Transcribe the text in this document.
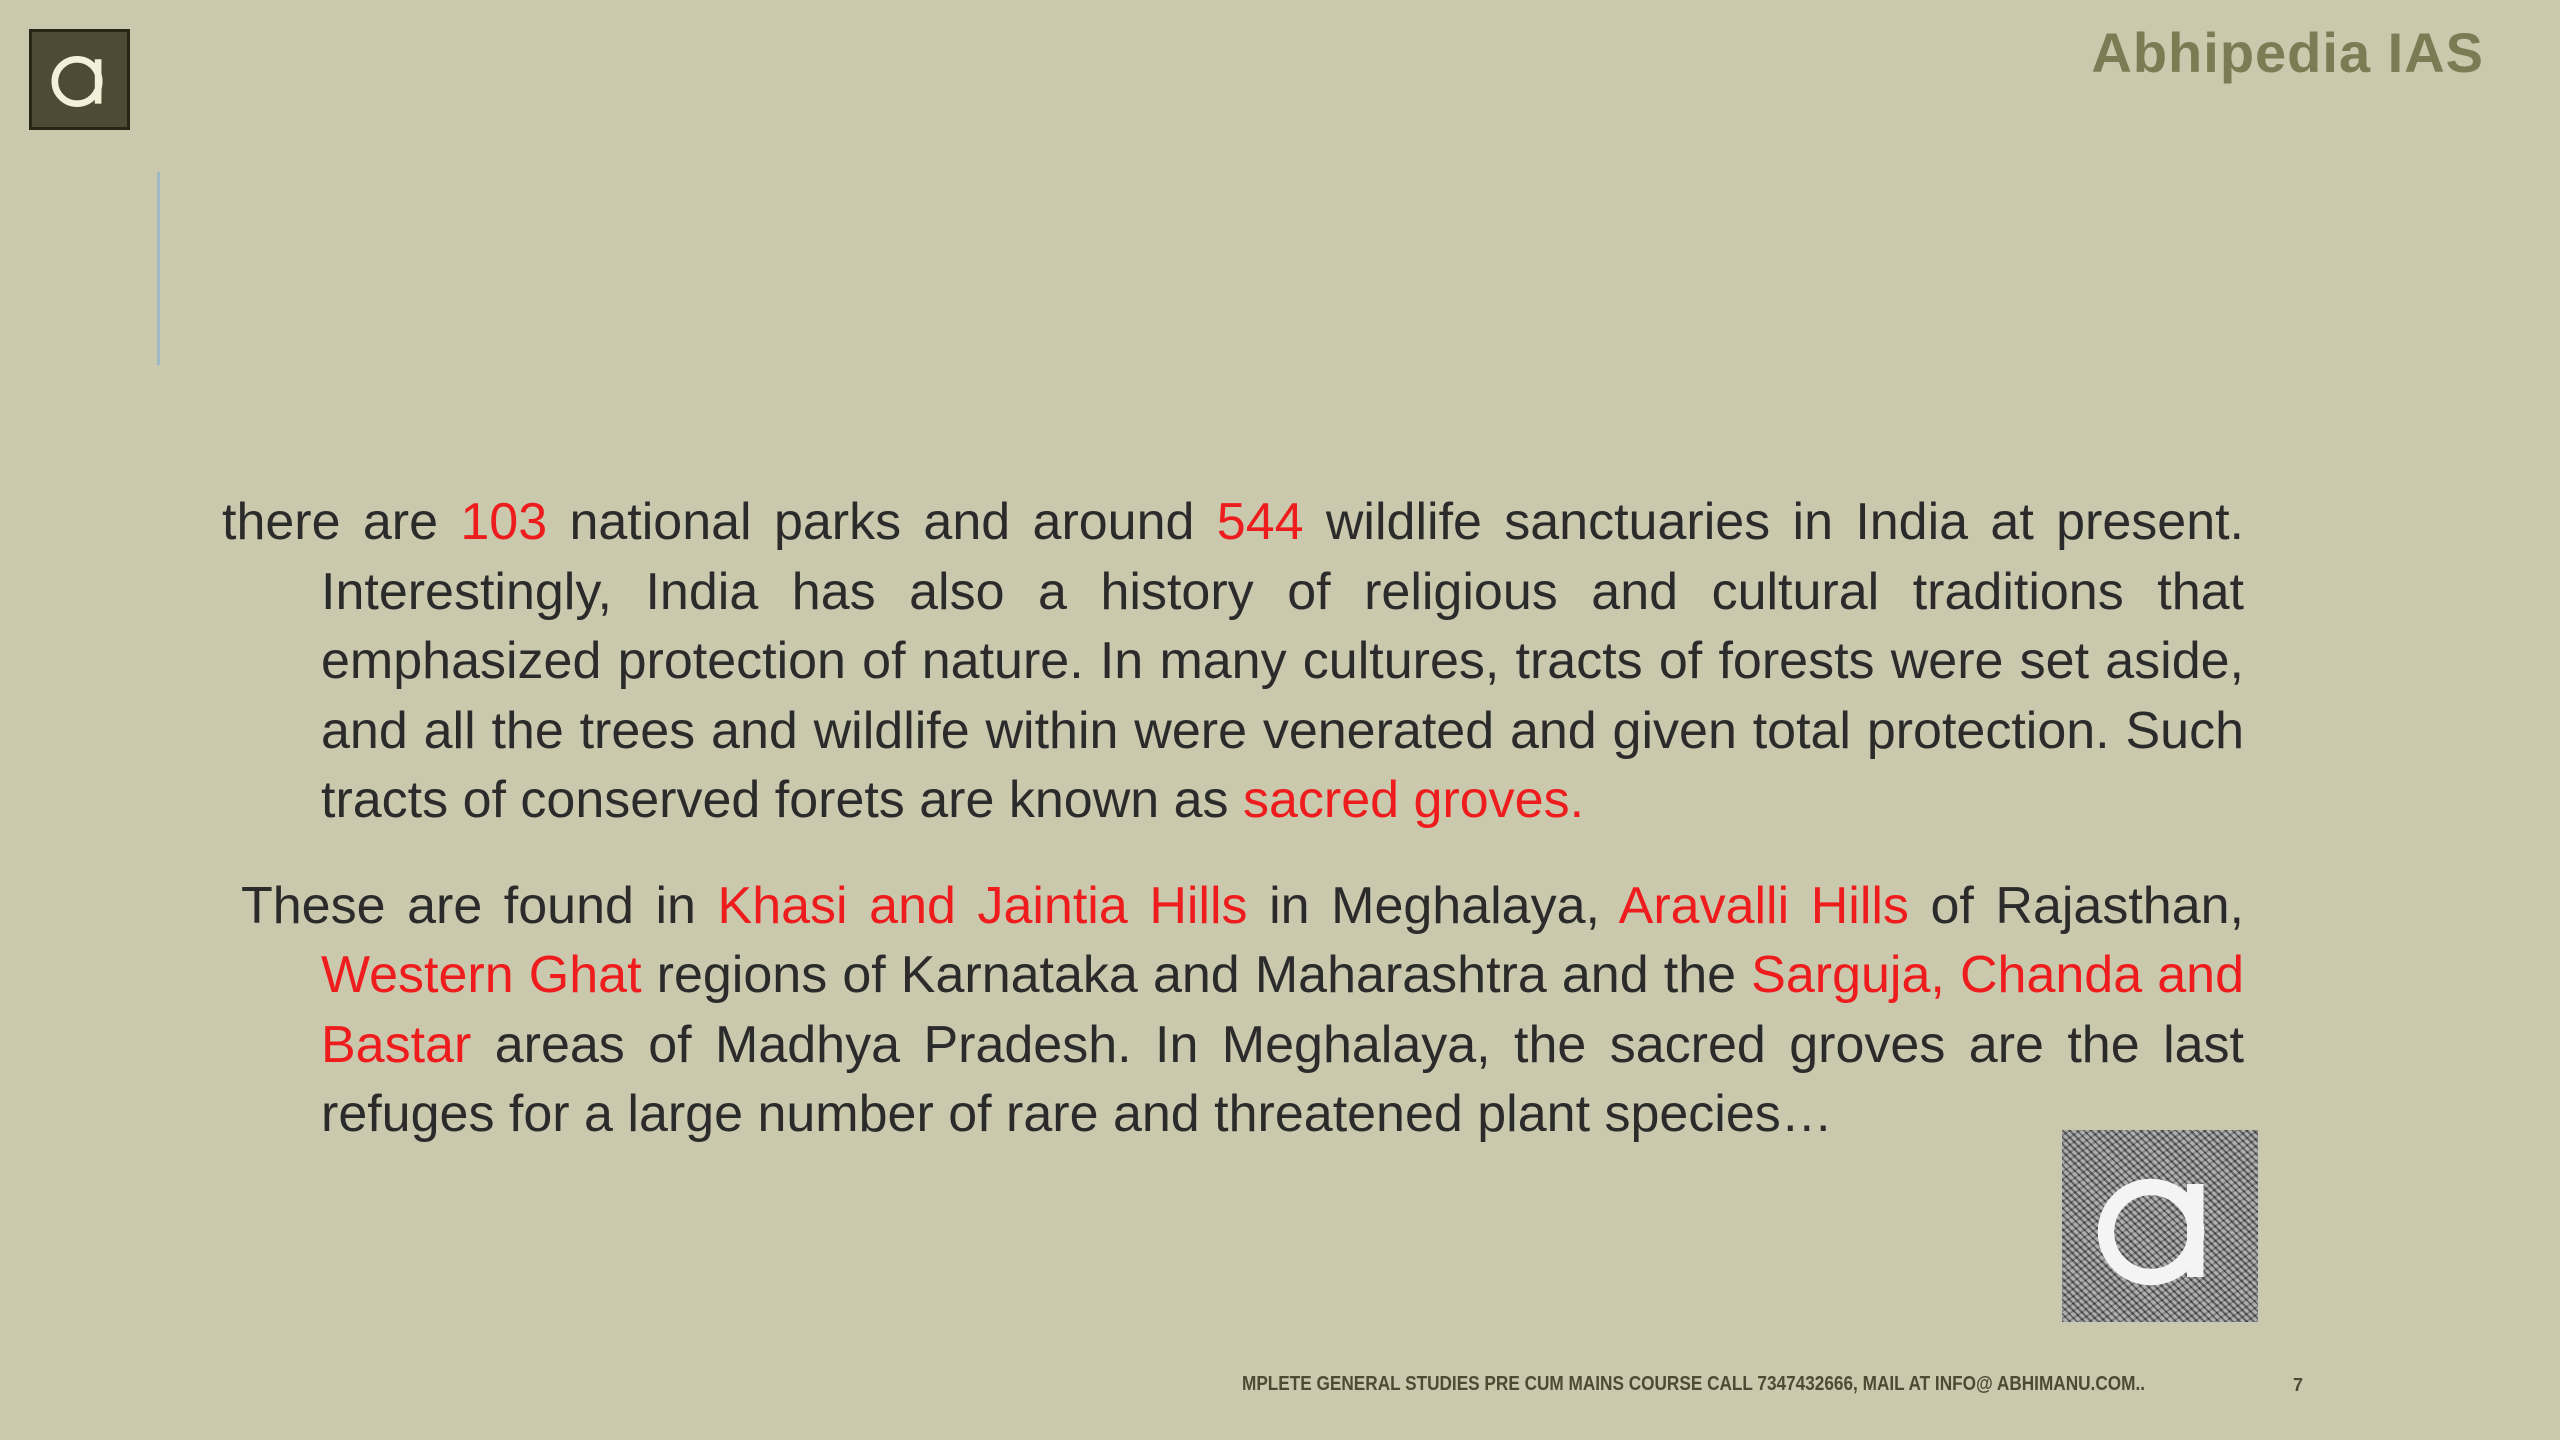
Abhipedia IAS

there are 103 national parks and around 544 wildlife sanctuaries in India at present. Interestingly, India has also a history of religious and cultural traditions that emphasized protection of nature. In many cultures, tracts of forests were set aside, and all the trees and wildlife within were venerated and given total protection. Such tracts of conserved forets are known as sacred groves.

These are found in Khasi and Jaintia Hills in Meghalaya, Aravalli Hills of Rajasthan, Western Ghat regions of Karnataka and Maharashtra and the Sarguja, Chanda and Bastar areas of Madhya Pradesh. In Meghalaya, the sacred groves are the last refuges for a large number of rare and threatened plant species…

MPLETE GENERAL STUDIES PRE CUM MAINS COURSE CALL 7347432666, MAIL AT INFO@ ABHIMANU.COM..	7
